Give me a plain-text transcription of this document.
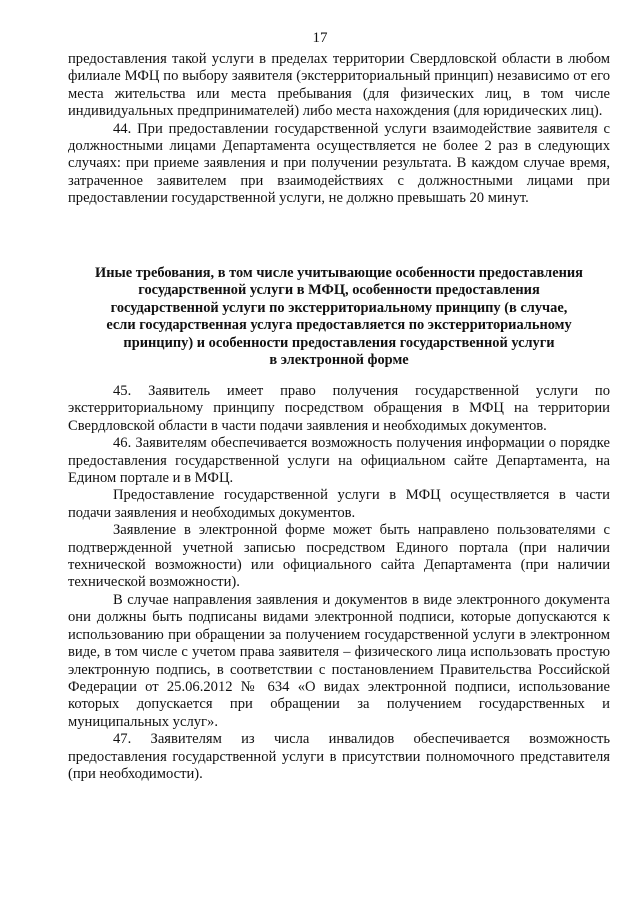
17

предоставления такой услуги в пределах территории Свердловской области в любом филиале МФЦ по выбору заявителя (экстерриториальный принцип) независимо от его места жительства или места пребывания (для физических лиц, в том числе индивидуальных предпринимателей) либо места нахождения (для юридических лиц).

44. При предоставлении государственной услуги взаимодействие заявителя с должностными лицами Департамента осуществляется не более 2 раз в следующих случаях: при приеме заявления и при получении результата. В каждом случае время, затраченное заявителем при взаимодействиях с должностными лицами при предоставлении государственной услуги, не должно превышать 20 минут.

Иные требования, в том числе учитывающие особенности предоставления
государственной услуги в МФЦ, особенности предоставления
государственной услуги по экстерриториальному принципу (в случае,
если государственная услуга предоставляется по экстерриториальному
принципу) и особенности предоставления государственной услуги
в электронной форме

45. Заявитель имеет право получения государственной услуги по экстерриториальному принципу посредством обращения в МФЦ на территории Свердловской области в части подачи заявления и необходимых документов.

46. Заявителям обеспечивается возможность получения информации о порядке предоставления государственной услуги на официальном сайте Департамента, на Едином портале и в МФЦ.

Предоставление государственной услуги в МФЦ осуществляется в части подачи заявления и необходимых документов.

Заявление в электронной форме может быть направлено пользователями с подтвержденной учетной записью посредством Единого портала (при наличии технической возможности) или официального сайта Департамента (при наличии технической возможности).

В случае направления заявления и документов в виде электронного документа они должны быть подписаны видами электронной подписи, которые допускаются к использованию при обращении за получением государственной услуги в электронном виде, в том числе с учетом права заявителя – физического лица использовать простую электронную подпись, в соответствии с постановлением Правительства Российской Федерации от 25.06.2012 № 634 «О видах электронной подписи, использование которых допускается при обращении за получением государственных и муниципальных услуг».

47. Заявителям из числа инвалидов обеспечивается возможность предоставления государственной услуги в присутствии полномочного представителя (при необходимости).
